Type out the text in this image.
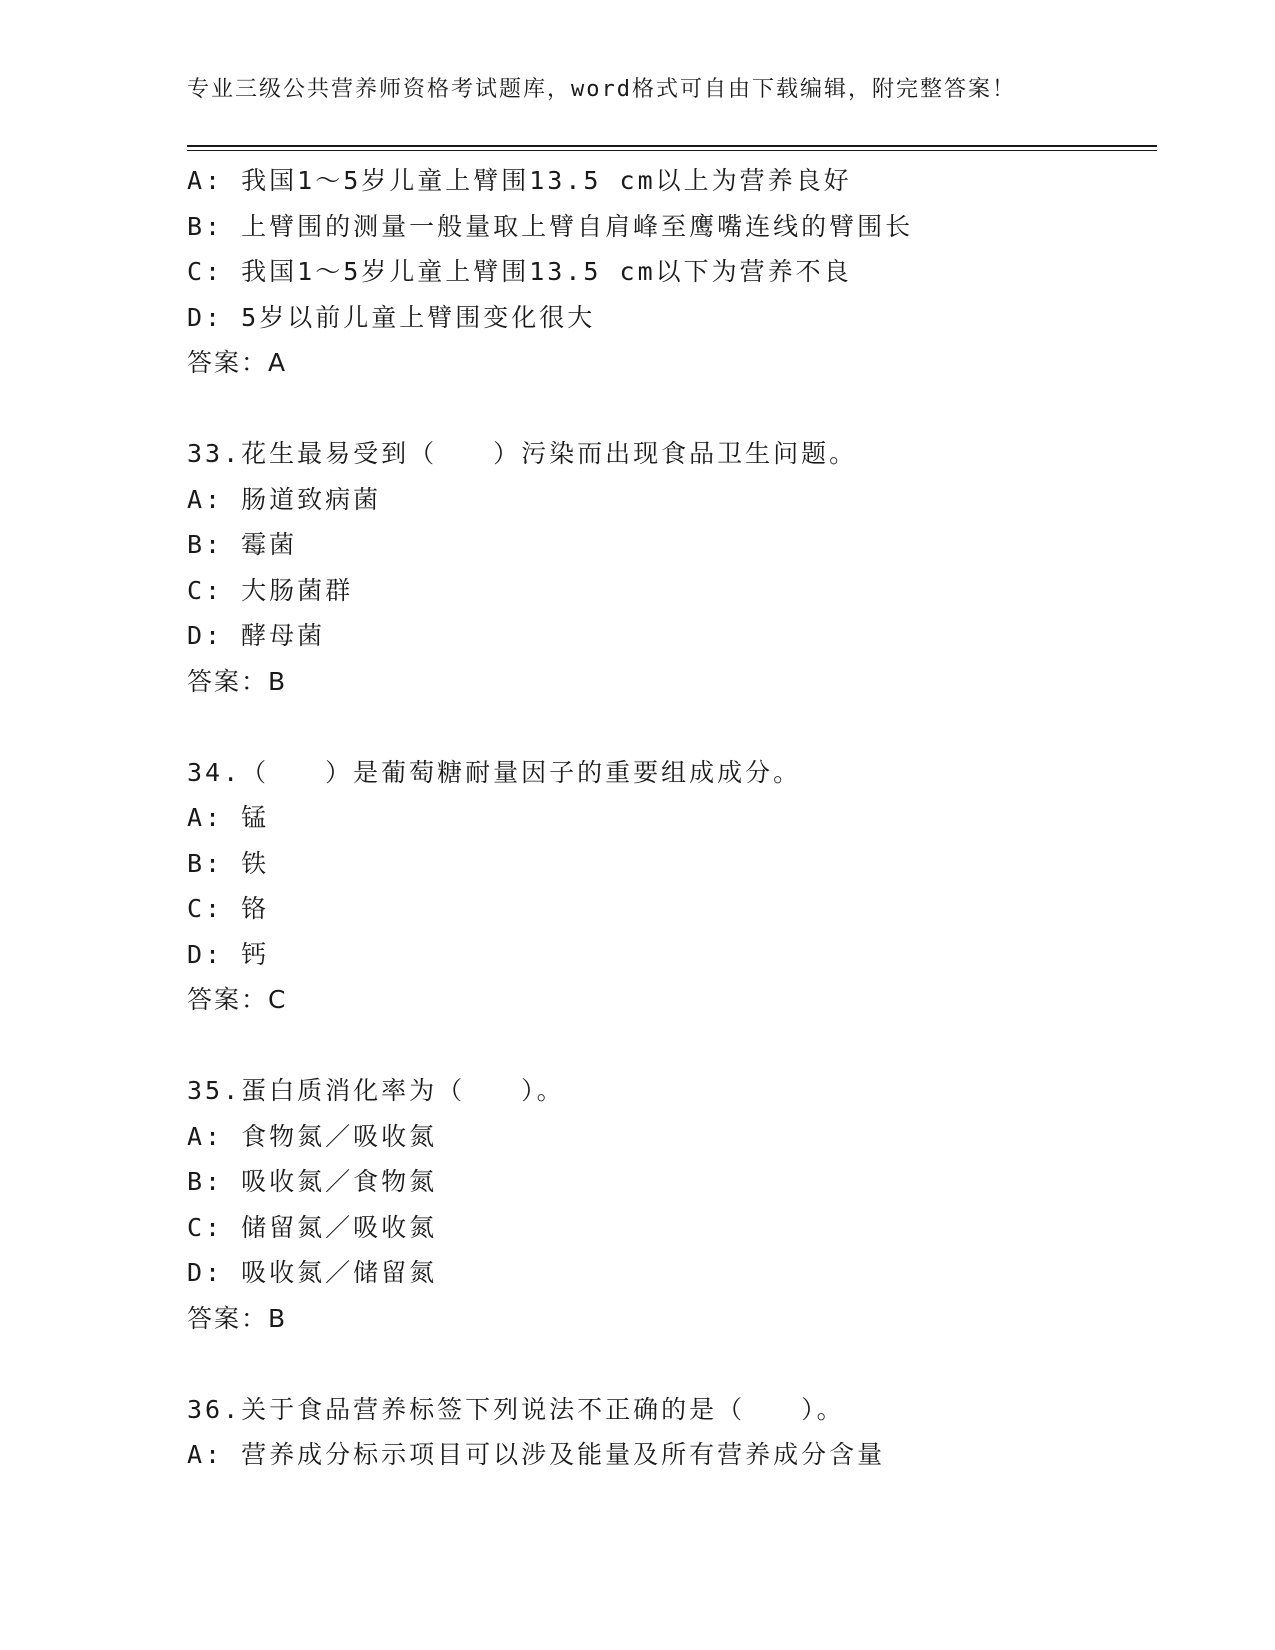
专业三级公共营养师资格考试题库，word格式可自由下载编辑，附完整答案！
A: 我国1～5岁儿童上臂围13.5 cm以上为营养良好
B: 上臂围的测量一般量取上臂自肩峰至鹰嘴连线的臂围长
C: 我国1～5岁儿童上臂围13.5 cm以下为营养不良
D: 5岁以前儿童上臂围变化很大
答案：A
33.花生最易受到（　　）污染而出现食品卫生问题。
A: 肠道致病菌
B: 霉菌
C: 大肠菌群
D: 酵母菌
答案：B
34.（　　）是葡萄糖耐量因子的重要组成成分。
A: 锰
B: 铁
C: 铬
D: 钙
答案：C
35.蛋白质消化率为（　　）。
A: 食物氮／吸收氮
B: 吸收氮／食物氮
C: 储留氮／吸收氮
D: 吸收氮／储留氮
答案：B
36.关于食品营养标签下列说法不正确的是（　　）。
A: 营养成分标示项目可以涉及能量及所有营养成分含量
